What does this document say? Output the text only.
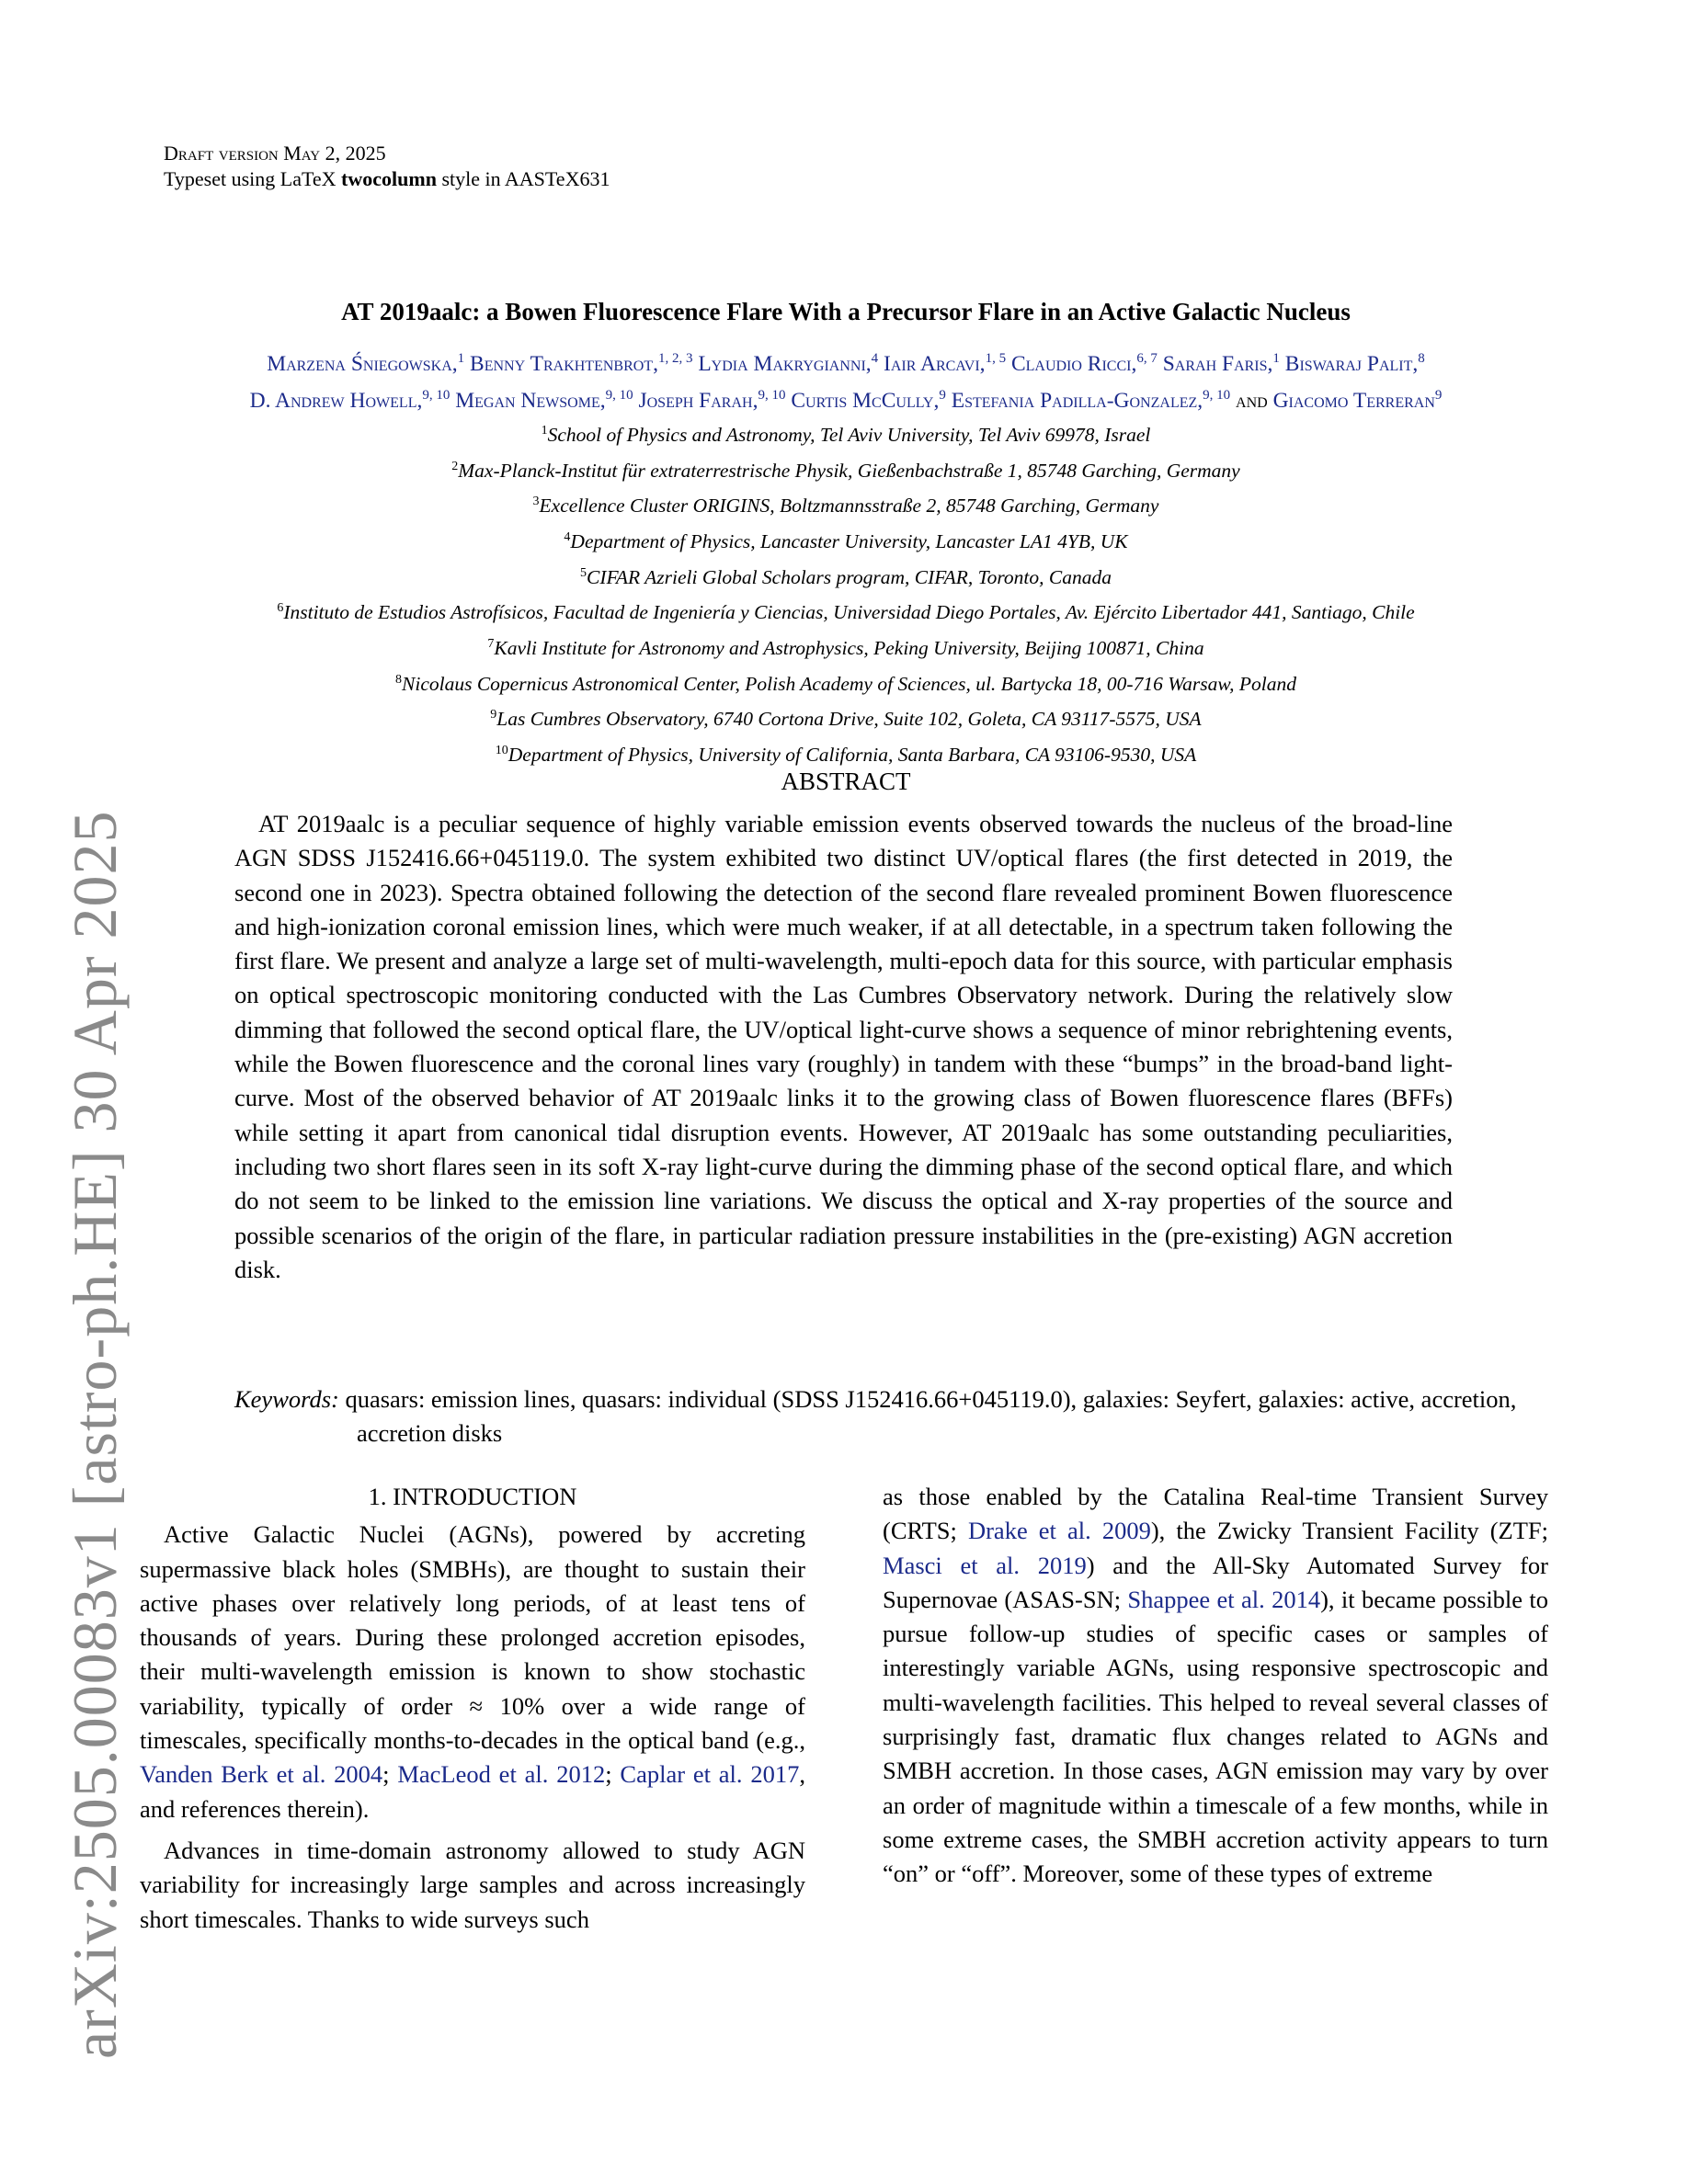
arXiv:2505.00083v1 [astro-ph.HE] 30 Apr 2025
Draft version May 2, 2025
Typeset using LaTeX twocolumn style in AASTeX631
AT 2019aalc: a Bowen Fluorescence Flare With a Precursor Flare in an Active Galactic Nucleus
Marzena Śniegowska,$^1$ Benny Trakhtenbrot,$^{1, 2, 3}$ Lydia Makrygianni,$^4$ Iair Arcavi,$^{1, 5}$ Claudio Ricci,$^{6, 7}$ Sarah Faris,$^1$ Biswaraj Palit,$^8$
D. Andrew Howell,$^{9, 10}$ Megan Newsome,$^{9, 10}$ Joseph Farah,$^{9, 10}$ Curtis McCully,$^9$ Estefania Padilla-Gonzalez,$^{9, 10}$ and Giacomo Terreran$^9$
$^1$School of Physics and Astronomy, Tel Aviv University, Tel Aviv 69978, Israel
$^2$Max-Planck-Institut für extraterrestrische Physik, Gießenbachstraße 1, 85748 Garching, Germany
$^3$Excellence Cluster ORIGINS, Boltzmannsstraße 2, 85748 Garching, Germany
$^4$Department of Physics, Lancaster University, Lancaster LA1 4YB, UK
$^5$CIFAR Azrieli Global Scholars program, CIFAR, Toronto, Canada
$^6$Instituto de Estudios Astrofísicos, Facultad de Ingeniería y Ciencias, Universidad Diego Portales, Av. Ejército Libertador 441, Santiago, Chile
$^7$Kavli Institute for Astronomy and Astrophysics, Peking University, Beijing 100871, China
$^8$Nicolaus Copernicus Astronomical Center, Polish Academy of Sciences, ul. Bartycka 18, 00-716 Warsaw, Poland
$^9$Las Cumbres Observatory, 6740 Cortona Drive, Suite 102, Goleta, CA 93117-5575, USA
$^{10}$Department of Physics, University of California, Santa Barbara, CA 93106-9530, USA
ABSTRACT
AT 2019aalc is a peculiar sequence of highly variable emission events observed towards the nucleus of the broad-line AGN SDSS J152416.66+045119.0. The system exhibited two distinct UV/optical flares (the first detected in 2019, the second one in 2023). Spectra obtained following the detection of the second flare revealed prominent Bowen fluorescence and high-ionization coronal emission lines, which were much weaker, if at all detectable, in a spectrum taken following the first flare. We present and analyze a large set of multi-wavelength, multi-epoch data for this source, with particular emphasis on optical spectroscopic monitoring conducted with the Las Cumbres Observatory network. During the relatively slow dimming that followed the second optical flare, the UV/optical light-curve shows a sequence of minor rebrightening events, while the Bowen fluorescence and the coronal lines vary (roughly) in tandem with these “bumps” in the broad-band light-curve. Most of the observed behavior of AT 2019aalc links it to the growing class of Bowen fluorescence flares (BFFs) while setting it apart from canonical tidal disruption events. However, AT 2019aalc has some outstanding peculiarities, including two short flares seen in its soft X-ray light-curve during the dimming phase of the second optical flare, and which do not seem to be linked to the emission line variations. We discuss the optical and X-ray properties of the source and possible scenarios of the origin of the flare, in particular radiation pressure instabilities in the (pre-existing) AGN accretion disk.
Keywords: quasars: emission lines, quasars: individual (SDSS J152416.66+045119.0), galaxies: Seyfert, galaxies: active, accretion, accretion disks
1. INTRODUCTION

Active Galactic Nuclei (AGNs), powered by accreting supermassive black holes (SMBHs), are thought to sustain their active phases over relatively long periods, of at least tens of thousands of years. During these prolonged accretion episodes, their multi-wavelength emission is known to show stochastic variability, typically of order ≈ 10% over a wide range of timescales, specifically months-to-decades in the optical band (e.g., Vanden Berk et al. 2004; MacLeod et al. 2012; Caplar et al. 2017, and references therein).

Advances in time-domain astronomy allowed to study AGN variability for increasingly large samples and across increasingly short timescales. Thanks to wide surveys such

as those enabled by the Catalina Real-time Transient Survey (CRTS; Drake et al. 2009), the Zwicky Transient Facility (ZTF; Masci et al. 2019) and the All-Sky Automated Survey for Supernovae (ASAS-SN; Shappee et al. 2014), it became possible to pursue follow-up studies of specific cases or samples of interestingly variable AGNs, using responsive spectroscopic and multi-wavelength facilities. This helped to reveal several classes of surprisingly fast, dramatic flux changes related to AGNs and SMBH accretion. In those cases, AGN emission may vary by over an order of magnitude within a timescale of a few months, while in some extreme cases, the SMBH accretion activity appears to turn “on” or “off”. Moreover, some of these types of extreme
